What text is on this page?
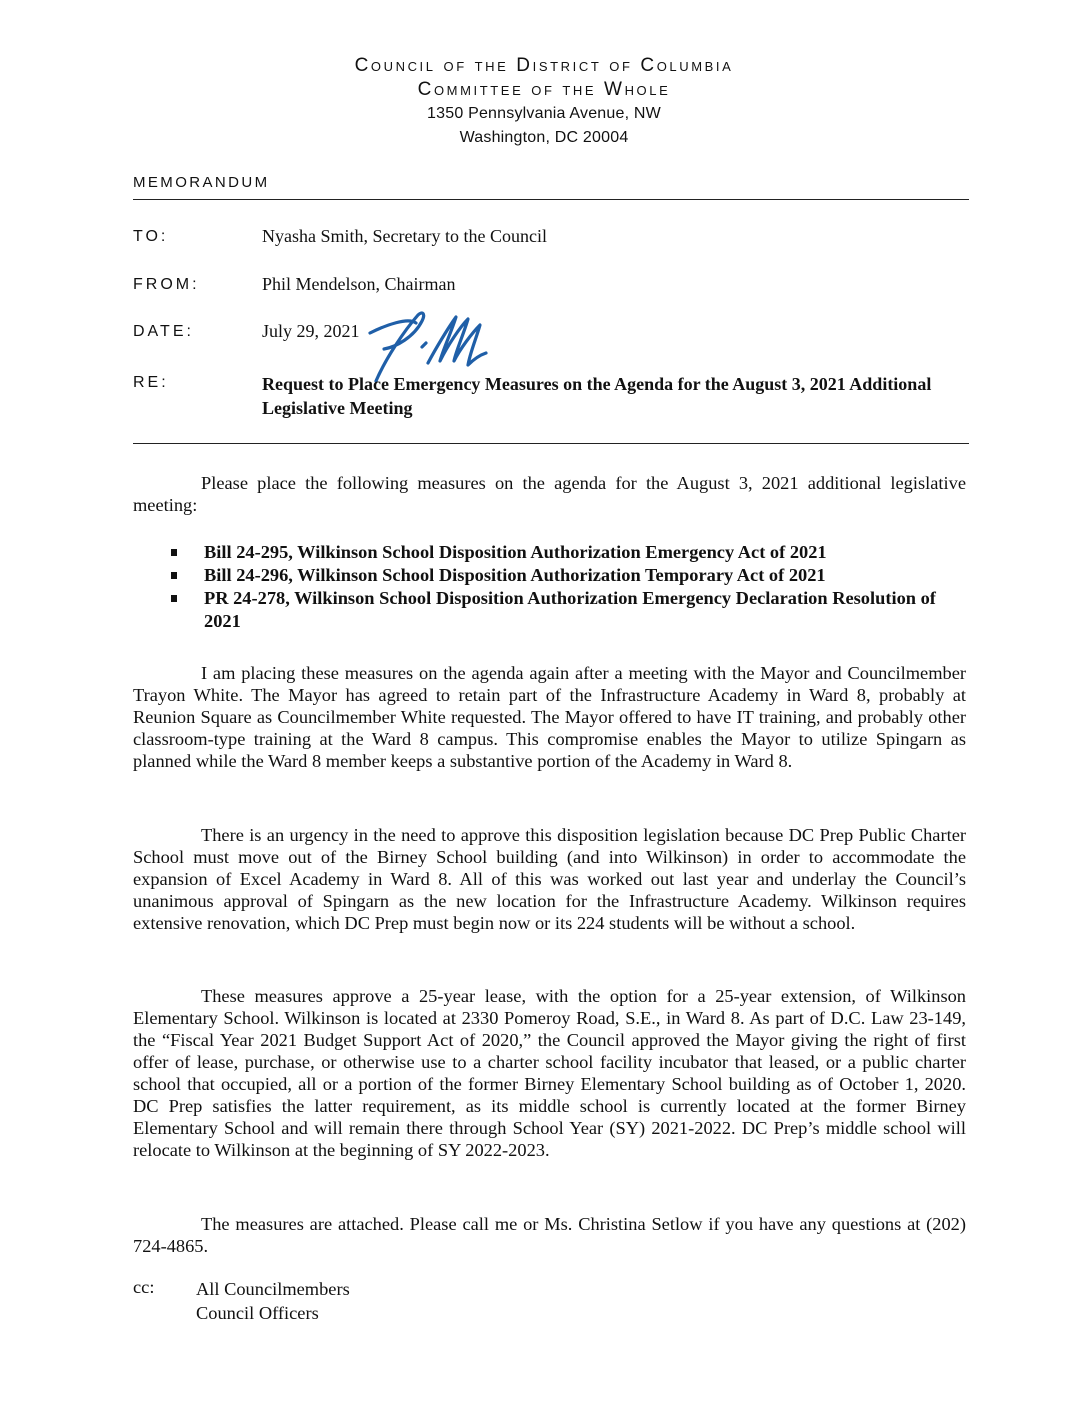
Council of the District of Columbia
Committee of the Whole
1350 Pennsylvania Avenue, NW
Washington, DC 20004
MEMORANDUM
TO:	Nyasha Smith, Secretary to the Council
FROM:	Phil Mendelson, Chairman
DATE:	July 29, 2021
RE:	Request to Place Emergency Measures on the Agenda for the August 3, 2021 Additional Legislative Meeting
Please place the following measures on the agenda for the August 3, 2021 additional legislative meeting:
Bill 24-295, Wilkinson School Disposition Authorization Emergency Act of 2021
Bill 24-296, Wilkinson School Disposition Authorization Temporary Act of 2021
PR 24-278, Wilkinson School Disposition Authorization Emergency Declaration Resolution of 2021
I am placing these measures on the agenda again after a meeting with the Mayor and Councilmember Trayon White. The Mayor has agreed to retain part of the Infrastructure Academy in Ward 8, probably at Reunion Square as Councilmember White requested. The Mayor offered to have IT training, and probably other classroom-type training at the Ward 8 campus. This compromise enables the Mayor to utilize Spingarn as planned while the Ward 8 member keeps a substantive portion of the Academy in Ward 8.
There is an urgency in the need to approve this disposition legislation because DC Prep Public Charter School must move out of the Birney School building (and into Wilkinson) in order to accommodate the expansion of Excel Academy in Ward 8. All of this was worked out last year and underlay the Council’s unanimous approval of Spingarn as the new location for the Infrastructure Academy. Wilkinson requires extensive renovation, which DC Prep must begin now or its 224 students will be without a school.
These measures approve a 25-year lease, with the option for a 25-year extension, of Wilkinson Elementary School. Wilkinson is located at 2330 Pomeroy Road, S.E., in Ward 8. As part of D.C. Law 23-149, the “Fiscal Year 2021 Budget Support Act of 2020,” the Council approved the Mayor giving the right of first offer of lease, purchase, or otherwise use to a charter school facility incubator that leased, or a public charter school that occupied, all or a portion of the former Birney Elementary School building as of October 1, 2020. DC Prep satisfies the latter requirement, as its middle school is currently located at the former Birney Elementary School and will remain there through School Year (SY) 2021-2022. DC Prep’s middle school will relocate to Wilkinson at the beginning of SY 2022-2023.
The measures are attached. Please call me or Ms. Christina Setlow if you have any questions at (202) 724-4865.
cc: All Councilmembers
Council Officers
